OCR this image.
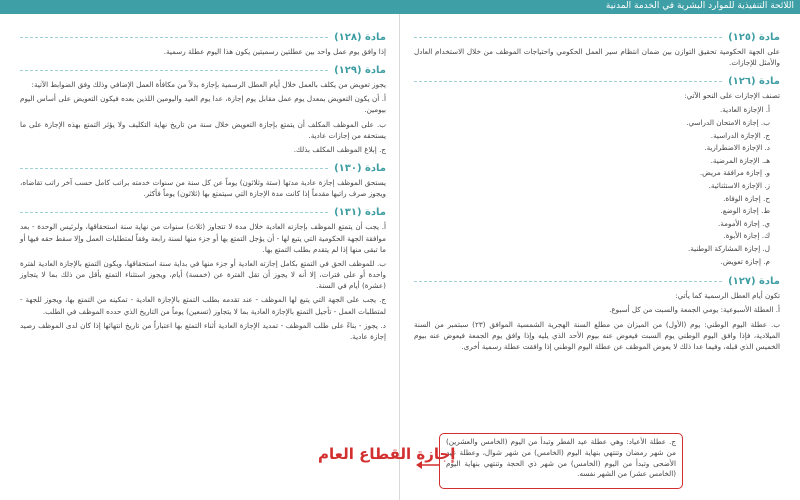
اللائحة التنفيذية للموارد البشرية في الخدمة المدنية
مادة (١٢٥)

على الجهة الحكومية تحقيق التوازن بين ضمان انتظام سير العمل الحكومي واحتياجات الموظف من خلال الاستخدام العادل والأمثل للإجازات.

مادة (١٢٦)

تصنف الإجازات على النحو الآتي:

أ. الإجازة العادية.
ب. إجازة الامتحان الدراسي.
ج. الإجازة الدراسية.
د. الإجازة الاضطرارية.
هـ. الإجازة المرضية.
و. إجازة مرافقة مريض.
ز. الإجازة الاستثنائية.
ح. إجازة الوفاة.
ط. إجازة الوضع.
ي. إجازة الأمومة.
ك. إجازة الأبوة.
ل. إجازة المشاركة الوطنية.
م. إجازة تعويض.
مادة (١٢٧)

تكون أيام العطل الرسمية كما يأتي:

أ. العطلة الأسبوعية: يومي الجمعة والسبت من كل أسبوع.

ب. عطلة اليوم الوطني: يوم (الأول) من الميزان من مطلع السنة الهجرية الشمسية الموافق (٢٣) سبتمبر من السنة الميلادية، فإذا وافق اليوم الوطني يوم السبت فيعوض عنه بيوم الأحد الذي يليه وإذا وافق يوم الجمعة فيعوض عنه بيوم الخميس الذي قبله، وفيما عدا ذلك لا يعوض الموظف عن عطلة اليوم الوطني إذا وافقت عطلة رسمية أخرى.

ج. عطلة الأعياد: وهي عطلة عيد الفطر وتبدأ من اليوم (الخامس والعشرين) من شهر رمضان وتنتهي بنهاية اليوم (الخامس) من شهر شوال، وعطلة عيد الأضحى وتبدأ من اليوم (الخامس) من شهر ذي الحجة وتنتهي بنهاية اليوم (الخامس عشر) من الشهر نفسه.

إجازة القطاع العام
مادة (١٢٨)

إذا وافق يوم عمل واحد بين عطلتين رسميتين يكون هذا اليوم عطلة رسمية.

مادة (١٢٩)

يجوز تعويض من يكلف بالعمل خلال أيام العطل الرسمية بإجازة بدلاً من مكافأة العمل الإضافي وذلك وفق الضوابط الآتية:

أ. أن يكون التعويض بمعدل يوم عمل مقابل يوم إجازة، عدا يوم العيد واليومين اللذين بعده فيكون التعويض على أساس اليوم بيومين.

ب. على الموظف المكلف أن يتمتع بإجازة التعويض خلال سنة من تاريخ نهاية التكليف ولا يؤثر التمتع بهذه الإجازة على ما يستحقه من إجازات عادية.

ج. إبلاغ الموظف المكلف بذلك.

مادة (١٣٠)

يستحق الموظف إجازة عادية مدتها (ستة وثلاثون) يوماً عن كل سنة من سنوات خدمته براتب كامل حسب آخر راتب تقاضاه، ويجوز صرف راتبها مقدماً إذا كانت مدة الإجازة التي سيتمتع بها (ثلاثون) يوماً فأكثر.

مادة (١٣١)

أ. يجب أن يتمتع الموظف بإجازته العادية خلال مدة لا تتجاوز (ثلاث) سنوات من نهاية سنة استحقاقها، ولرئيس الوحدة - بعد موافقة الجهة الحكومية التي يتبع لها - أن يؤجل التمتع بها أو جزء منها لسنة رابعة وفقاً لمتطلبات العمل وإلا سقط حقه فيها أو ما تبقى منها إذا لم يتقدم بطلب التمتع بها.

ب. للموظف الحق في التمتع بكامل إجازته العادية أو جزء منها في بداية سنة استحقاقها، ويكون التمتع بالإجازة العادية لفترة واحدة أو على فترات، إلا أنه لا يجوز أن تقل الفترة عن (خمسة) أيام، ويجوز استثناء التمتع بأقل من ذلك بما لا يتجاوز (عشرة) أيام في السنة.

ج. يجب على الجهة التي يتبع لها الموظف - عند تقدمه بطلب التمتع بالإجازة العادية - تمكينه من التمتع بها، ويجوز للجهة - لمتطلبات العمل - تأجيل التمتع بالإجازة العادية بما لا يتجاوز (تسعين) يوماً من التاريخ الذي حدده الموظف في الطلب.

د. يجوز - بناءً على طلب الموظف - تمديد الإجازة العادية أثناء التمتع بها اعتباراً من تاريخ انتهائها إذا كان لدى الموظف رصيد إجازة عادية.
